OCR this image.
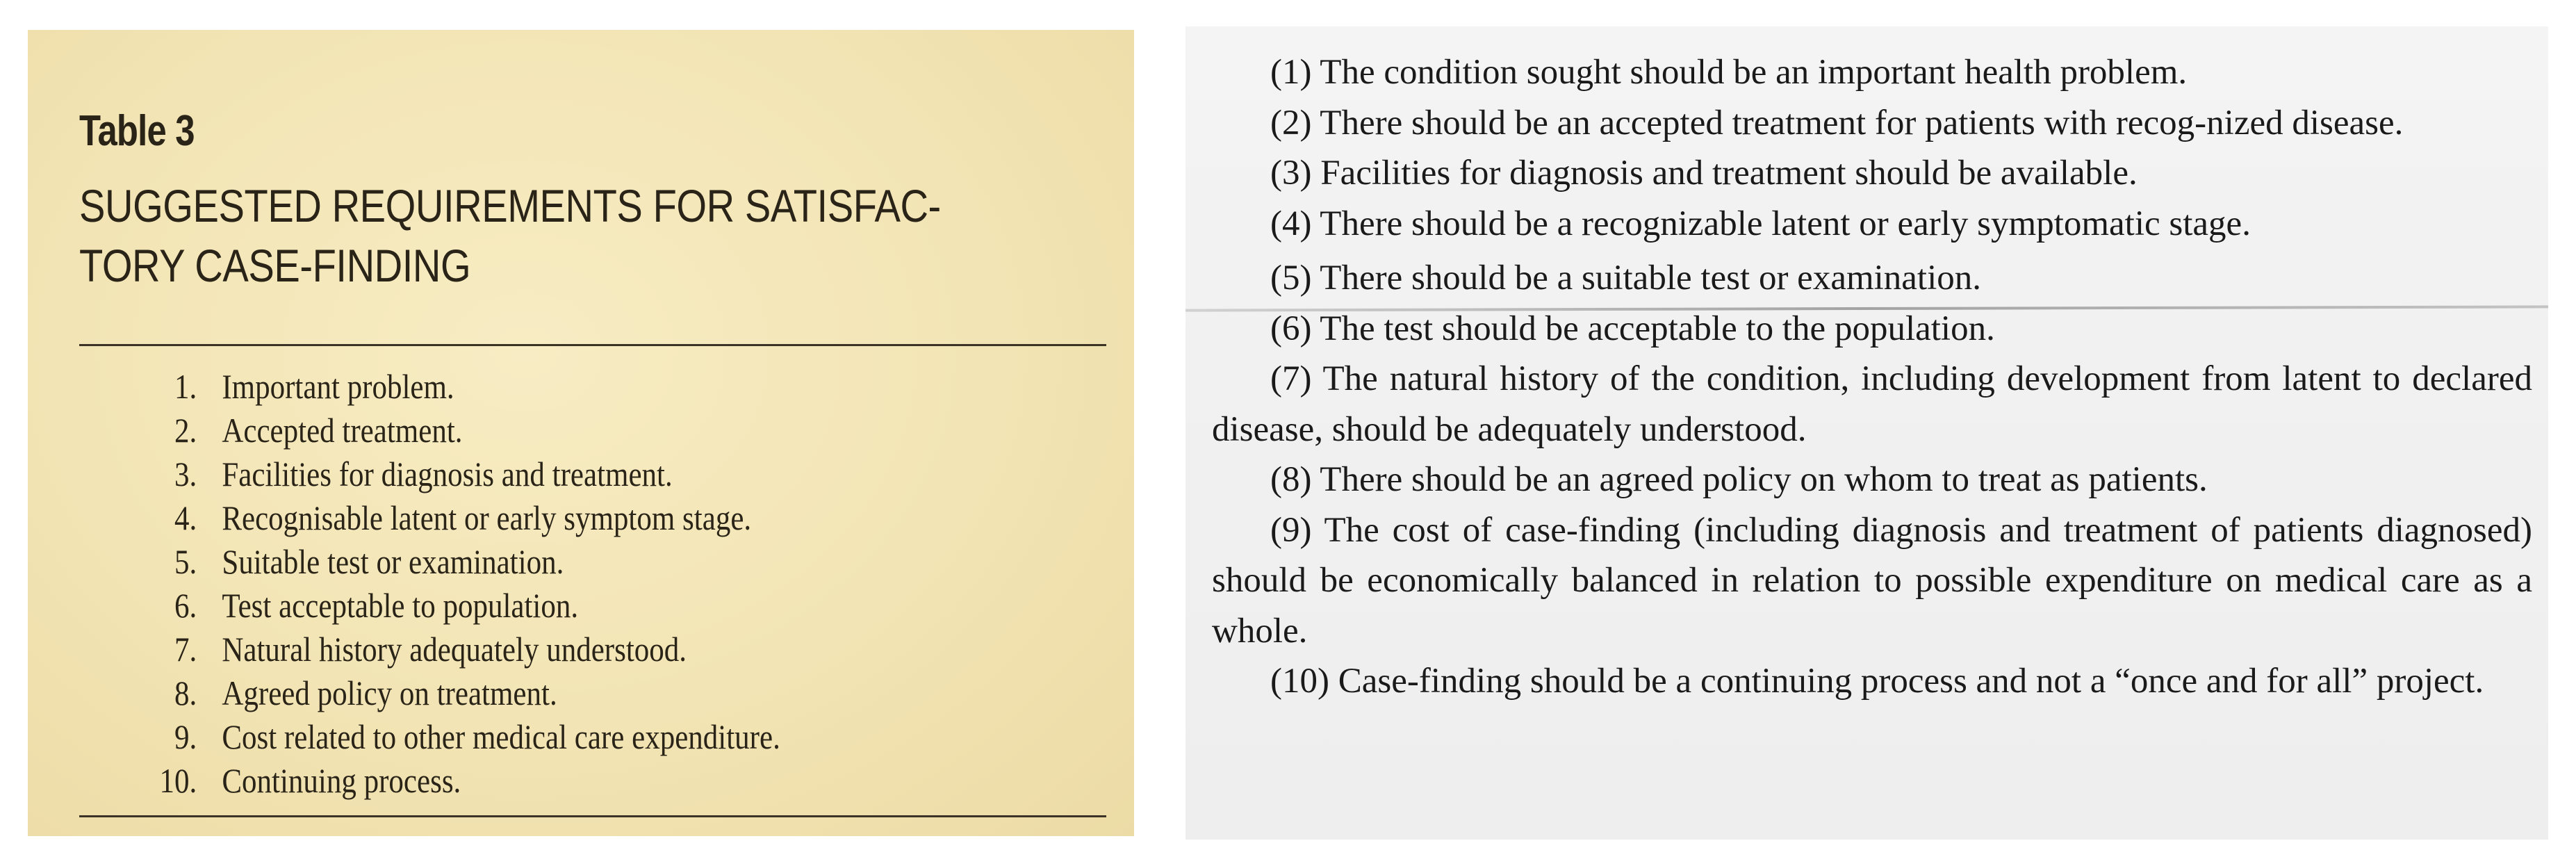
Table 3
SUGGESTED REQUIREMENTS FOR SATISFAC-
TORY CASE-FINDING
1. Important problem.
2. Accepted treatment.
3. Facilities for diagnosis and treatment.
4. Recognisable latent or early symptom stage.
5. Suitable test or examination.
6. Test acceptable to population.
7. Natural history adequately understood.
8. Agreed policy on treatment.
9. Cost related to other medical care expenditure.
10. Continuing process.

(1) The condition sought should be an important health problem.

(2) There should be an accepted treatment for patients with recog-nized disease.

(3) Facilities for diagnosis and treatment should be available.

(4) There should be a recognizable latent or early symptomatic stage.

(5) There should be a suitable test or examination.

(6) The test should be acceptable to the population.

(7) The natural history of the condition, including development from latent to declared disease, should be adequately understood.

(8) There should be an agreed policy on whom to treat as patients.

(9) The cost of case-finding (including diagnosis and treatment of patients diagnosed) should be economically balanced in relation to possible expenditure on medical care as a whole.

(10) Case-finding should be a continuing process and not a “once and for all” project.
